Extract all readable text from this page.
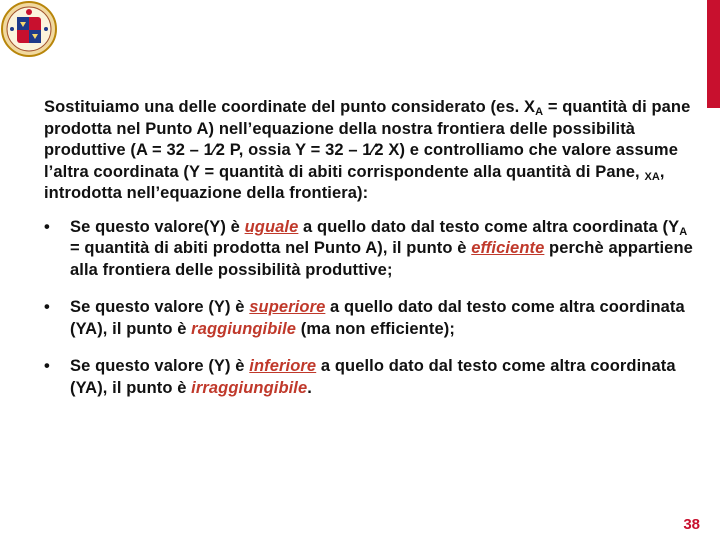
Sostituiamo una delle coordinate del punto considerato (es. $X_A$ = quantità di pane prodotta nel Punto A) nell’equazione della nostra frontiera delle possibilità produttive (A = 32 – 1⁄2 P, ossia Y = 32 – 1⁄2 X) e controlliamo che valore assume l’altra coordinata (Y = quantità di abiti corrispondente alla quantità di Pane, $_{XA}$, introdotta nell’equazione della frontiera):

• Se questo valore(Y) è uguale a quello dato dal testo come altra coordinata ($Y_A$ = quantità di abiti prodotta nel Punto A), il punto è efficiente perchè appartiene alla frontiera delle possibilità produttive;
• Se questo valore (Y) è superiore a quello dato dal testo come altra coordinata (YA), il punto è raggiungibile (ma non efficiente);
• Se questo valore (Y) è inferiore a quello dato dal testo come altra coordinata (YA), il punto è irraggiungibile.
38
